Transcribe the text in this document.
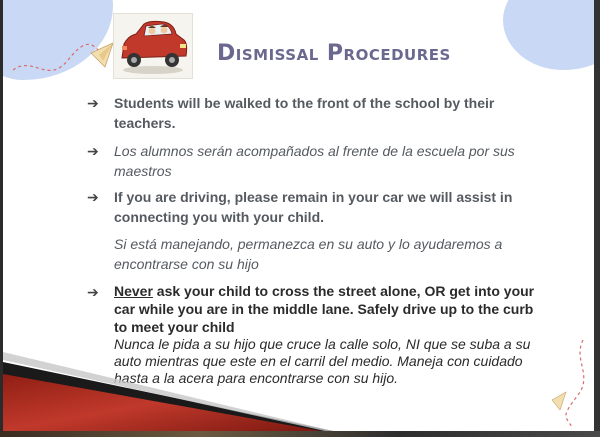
Dismissal Procedures
➔ Students will be walked to the front of the school by their teachers.
➔ Los alumnos serán acompañados al frente de la escuela por sus maestros
➔ If you are driving, please remain in your car we will assist in connecting you with your child.
Si está manejando, permanezca en su auto y lo ayudaremos a encontrarse con su hijo
➔ Never ask your child to cross the street alone, OR get into your car while you are in the middle lane. Safely drive up to the curb to meet your child
Nunca le pida a su hijo que cruce la calle solo, NI que se suba a su auto mientras que este en el carril del medio. Maneja con cuidado hasta a la acera para encontrarse con su hijo.
